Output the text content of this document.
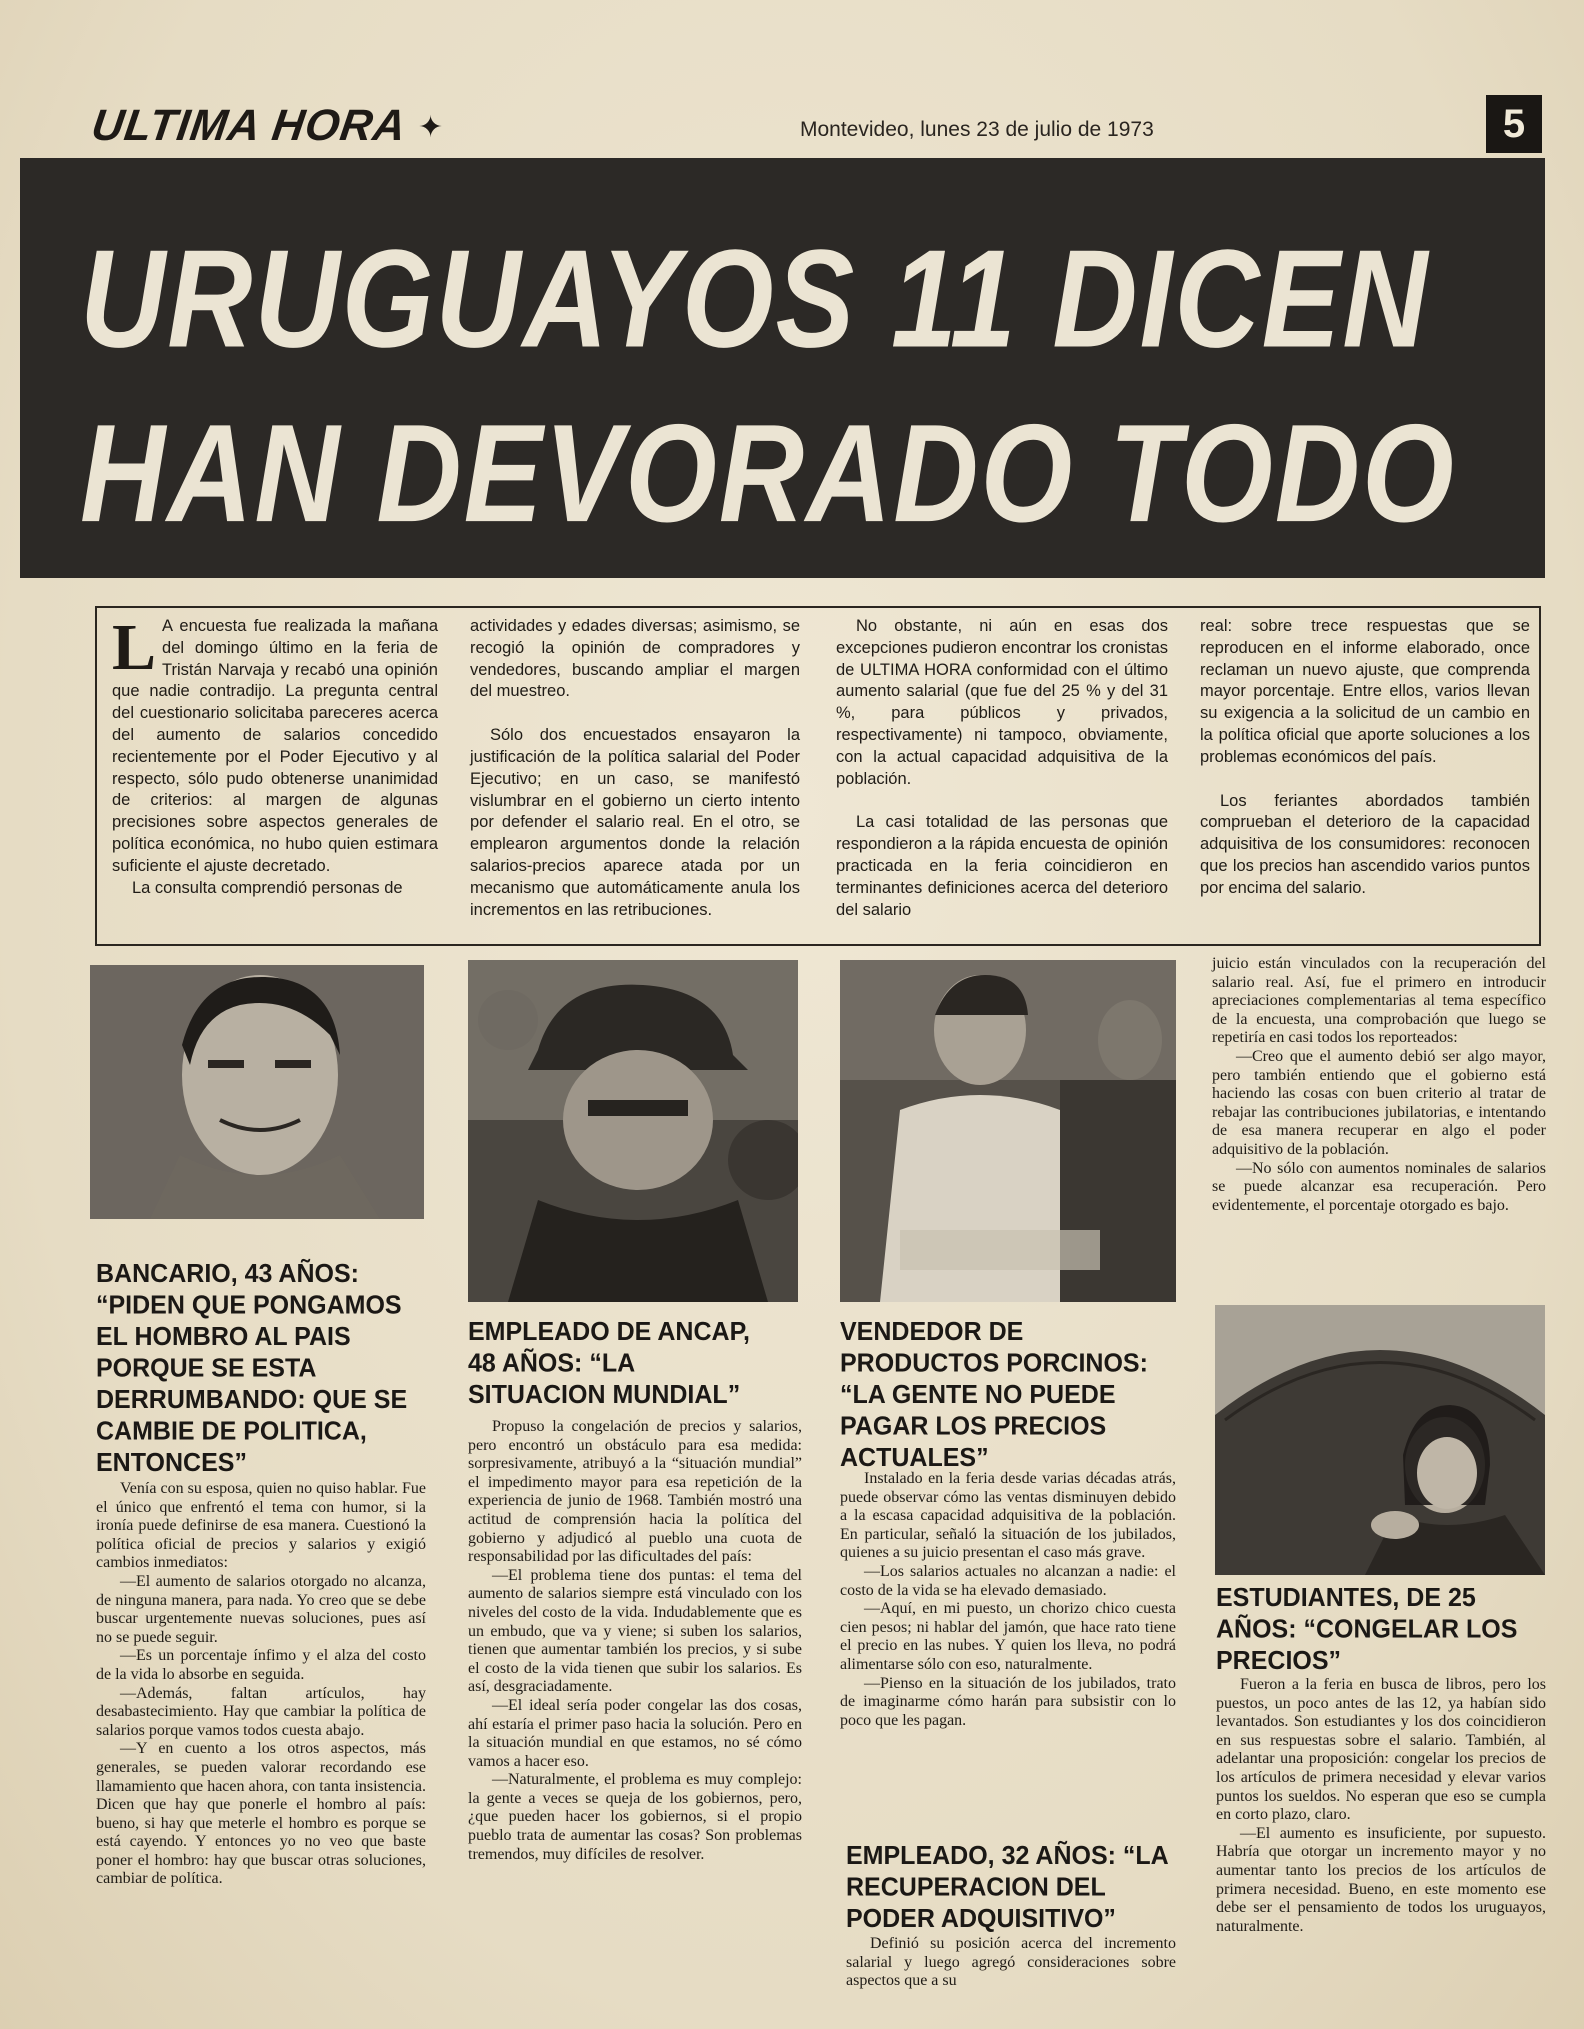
ULTIMA HORA ✦	Montevideo, lunes 23 de julio de 1973	5
URUGUAYOS 11 DICEN
HAN DEVORADO TODO

L A encuesta fue realizada la mañana del domingo último en la feria de Tristán Narvaja y recabó una opinión que nadie contradijo. La pregunta central del cuestionario solicitaba pareceres acerca del aumento de salarios concedido recientemente por el Poder Ejecutivo y al respecto, sólo pudo obtenerse unanimidad de criterios: al margen de algunas precisiones sobre aspectos generales de política económica, no hubo quien estimara suficiente el ajuste decretado.

La consulta comprendió personas de

actividades y edades diversas; asimismo, se recogió la opinión de compradores y vendedores, buscando ampliar el margen del muestreo.

Sólo dos encuestados ensayaron la justificación de la política salarial del Poder Ejecutivo; en un caso, se manifestó vislumbrar en el gobierno un cierto intento por defender el salario real. En el otro, se emplearon argumentos donde la relación salarios-precios aparece atada por un mecanismo que automáticamente anula los incrementos en las retribuciones.

No obstante, ni aún en esas dos excepciones pudieron encontrar los cronistas de ULTIMA HORA conformidad con el último aumento salarial (que fue del 25 % y del 31 %, para públicos y privados, respectivamente) ni tampoco, obviamente, con la actual capacidad adquisitiva de la población.

La casi totalidad de las personas que respondieron a la rápida encuesta de opinión practicada en la feria coincidieron en terminantes definiciones acerca del deterioro del salario

real: sobre trece respuestas que se reproducen en el informe elaborado, once reclaman un nuevo ajuste, que comprenda mayor porcentaje. Entre ellos, varios llevan su exigencia a la solicitud de un cambio en la política oficial que aporte soluciones a los problemas económicos del país.

Los feriantes abordados también comprueban el deterioro de la capacidad adquisitiva de los consumidores: reconocen que los precios han ascendido varios puntos por encima del salario.

BANCARIO, 43 AÑOS: “PIDEN QUE PONGAMOS EL HOMBRO AL PAIS PORQUE SE ESTA DERRUMBANDO: QUE SE CAMBIE DE POLITICA, ENTONCES”

Venía con su esposa, quien no quiso hablar. Fue el único que enfrentó el tema con humor, si la ironía puede definirse de esa manera. Cuestionó la política oficial de precios y salarios y exigió cambios inmediatos:

—El aumento de salarios otorgado no alcanza, de ninguna manera, para nada. Yo creo que se debe buscar urgentemente nuevas soluciones, pues así no se puede seguir.

—Es un porcentaje ínfimo y el alza del costo de la vida lo absorbe en seguida.

—Además, faltan artículos, hay desabastecimiento. Hay que cambiar la política de salarios porque vamos todos cuesta abajo.

—Y en cuento a los otros aspectos, más generales, se pueden valorar recordando ese llamamiento que hacen ahora, con tanta insistencia. Dicen que hay que ponerle el hombro al país: bueno, si hay que meterle el hombro es porque se está cayendo. Y entonces yo no veo que baste poner el hombro: hay que buscar otras soluciones, cambiar de política.

EMPLEADO DE ANCAP, 48 AÑOS: “LA SITUACION MUNDIAL”

Propuso la congelación de precios y salarios, pero encontró un obstáculo para esa medida: sorpresivamente, atribuyó a la “situación mundial” el impedimento mayor para esa repetición de la experiencia de junio de 1968. También mostró una actitud de comprensión hacia la política del gobierno y adjudicó al pueblo una cuota de responsabilidad por las dificultades del país:

—El problema tiene dos puntas: el tema del aumento de salarios siempre está vinculado con los niveles del costo de la vida. Indudablemente que es un embudo, que va y viene; si suben los salarios, tienen que aumentar también los precios, y si sube el costo de la vida tienen que subir los salarios. Es así, desgraciadamente.

—El ideal sería poder congelar las dos cosas, ahí estaría el primer paso hacia la solución. Pero en la situación mundial en que estamos, no sé cómo vamos a hacer eso.

—Naturalmente, el problema es muy complejo: la gente a veces se queja de los gobiernos, pero, ¿que pueden hacer los gobiernos, si el propio pueblo trata de aumentar las cosas? Son problemas tremendos, muy difíciles de resolver.

VENDEDOR DE PRODUCTOS PORCINOS: “LA GENTE NO PUEDE PAGAR LOS PRECIOS ACTUALES”

Instalado en la feria desde varias décadas atrás, puede observar cómo las ventas disminuyen debido a la escasa capacidad adquisitiva de la población. En particular, señaló la situación de los jubilados, quienes a su juicio presentan el caso más grave.

—Los salarios actuales no alcanzan a nadie: el costo de la vida se ha elevado demasiado.

—Aquí, en mi puesto, un chorizo chico cuesta cien pesos; ni hablar del jamón, que hace rato tiene el precio en las nubes. Y quien los lleva, no podrá alimentarse sólo con eso, naturalmente.

—Pienso en la situación de los jubilados, trato de imaginarme cómo harán para subsistir con lo poco que les pagan.

EMPLEADO, 32 AÑOS: “LA RECUPERACION DEL PODER ADQUISITIVO”

Definió su posición acerca del incremento salarial y luego agregó consideraciones sobre aspectos que a su

juicio están vinculados con la recuperación del salario real. Así, fue el primero en introducir apreciaciones complementarias al tema específico de la encuesta, una comprobación que luego se repetiría en casi todos los reporteados:

—Creo que el aumento debió ser algo mayor, pero también entiendo que el gobierno está haciendo las cosas con buen criterio al tratar de rebajar las contribuciones jubilatorias, e intentando de esa manera recuperar en algo el poder adquisitivo de la población.

—No sólo con aumentos nominales de salarios se puede alcanzar esa recuperación. Pero evidentemente, el porcentaje otorgado es bajo.

ESTUDIANTES, DE 25 AÑOS: “CONGELAR LOS PRECIOS”

Fueron a la feria en busca de libros, pero los puestos, un poco antes de las 12, ya habían sido levantados. Son estudiantes y los dos coincidieron en sus respuestas sobre el salario. También, al adelantar una proposición: congelar los precios de los artículos de primera necesidad y elevar varios puntos los sueldos. No esperan que eso se cumpla en corto plazo, claro.

—El aumento es insuficiente, por supuesto. Habría que otorgar un incremento mayor y no aumentar tanto los precios de los artículos de primera necesidad. Bueno, en este momento ese debe ser el pensamiento de todos los uruguayos, naturalmente.
